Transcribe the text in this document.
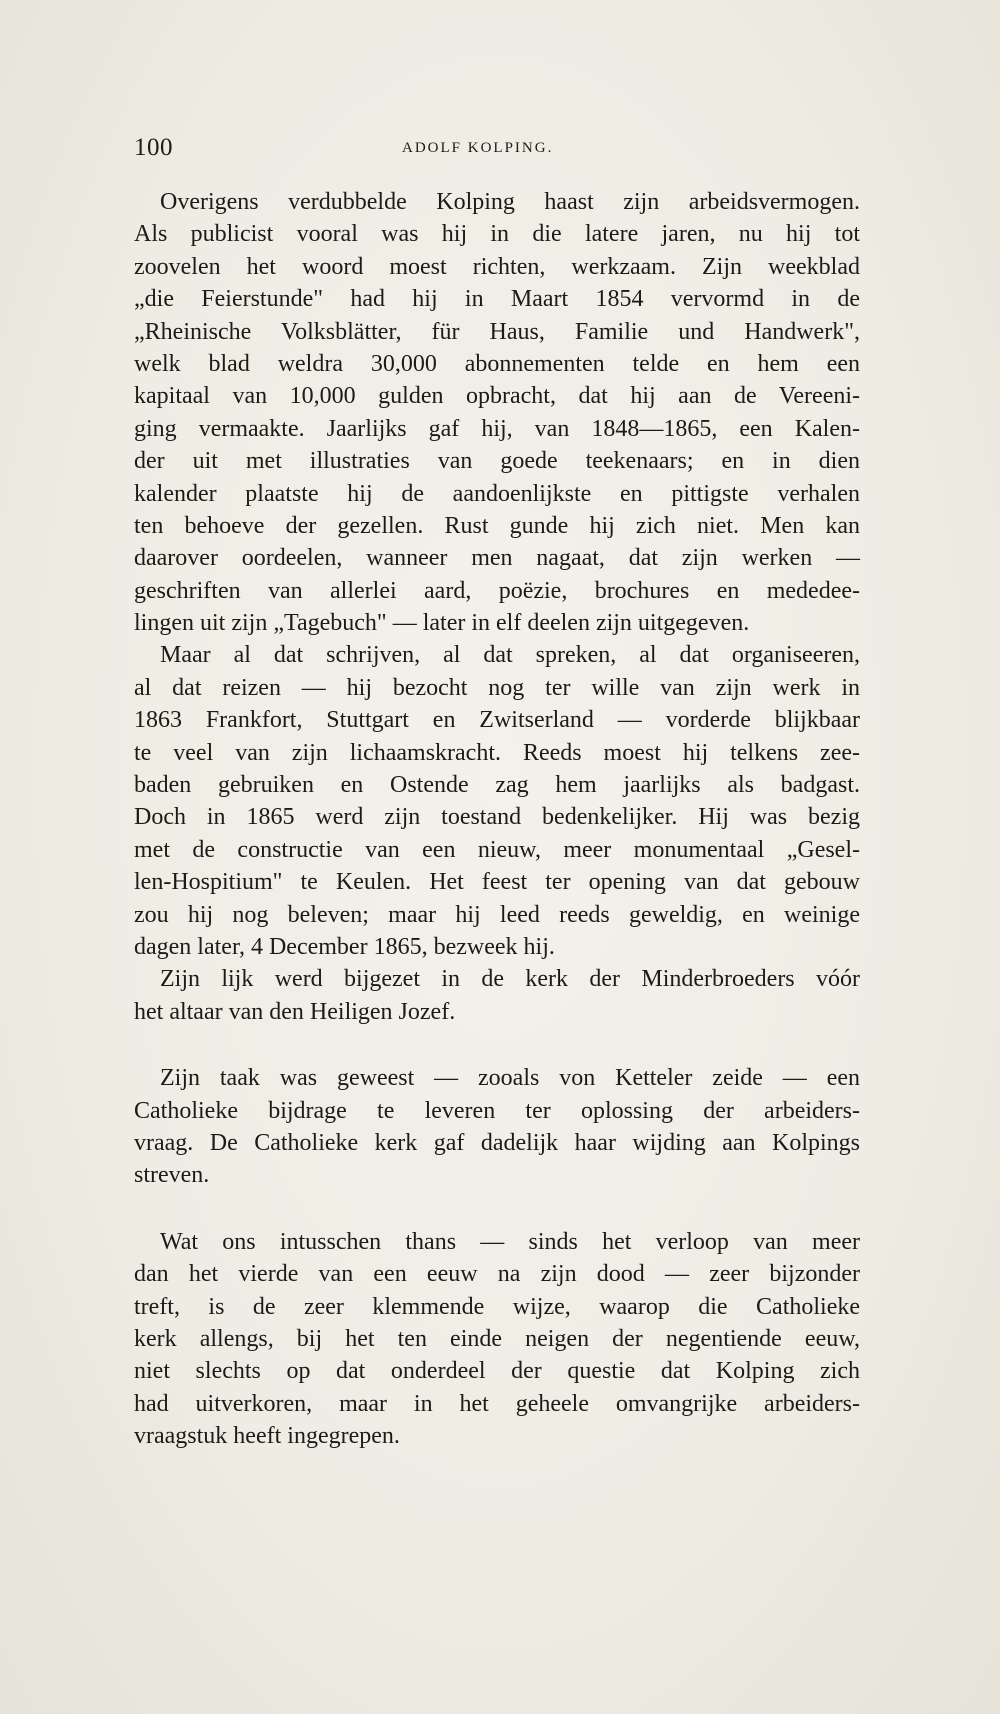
100	ADOLF KOLPING.
Overigens verdubbelde Kolping haast zijn arbeidsvermogen.
Als publicist vooral was hij in die latere jaren, nu hij tot
zoovelen het woord moest richten, werkzaam. Zijn weekblad
„die Feierstunde" had hij in Maart 1854 vervormd in de
„Rheinische Volksblätter, für Haus, Familie und Handwerk",
welk blad weldra 30,000 abonnementen telde en hem een
kapitaal van 10,000 gulden opbracht, dat hij aan de Vereeni-
ging vermaakte. Jaarlijks gaf hij, van 1848—1865, een Kalen-
der uit met illustraties van goede teekenaars; en in dien
kalender plaatste hij de aandoenlijkste en pittigste verhalen
ten behoeve der gezellen. Rust gunde hij zich niet. Men kan
daarover oordeelen, wanneer men nagaat, dat zijn werken —
geschriften van allerlei aard, poëzie, brochures en mededee-
lingen uit zijn „Tagebuch" — later in elf deelen zijn uitgegeven.
Maar al dat schrijven, al dat spreken, al dat organiseeren,
al dat reizen — hij bezocht nog ter wille van zijn werk in
1863 Frankfort, Stuttgart en Zwitserland — vorderde blijkbaar
te veel van zijn lichaamskracht. Reeds moest hij telkens zee-
baden gebruiken en Ostende zag hem jaarlijks als badgast.
Doch in 1865 werd zijn toestand bedenkelijker. Hij was bezig
met de constructie van een nieuw, meer monumentaal „Gesel-
len-Hospitium" te Keulen. Het feest ter opening van dat gebouw
zou hij nog beleven; maar hij leed reeds geweldig, en weinige
dagen later, 4 December 1865, bezweek hij.
Zijn lijk werd bijgezet in de kerk der Minderbroeders vóór
het altaar van den Heiligen Jozef.
Zijn taak was geweest — zooals von Ketteler zeide — een
Catholieke bijdrage te leveren ter oplossing der arbeiders-
vraag. De Catholieke kerk gaf dadelijk haar wijding aan Kolpings
streven.
Wat ons intusschen thans — sinds het verloop van meer
dan het vierde van een eeuw na zijn dood — zeer bijzonder
treft, is de zeer klemmende wijze, waarop die Catholieke
kerk allengs, bij het ten einde neigen der negentiende eeuw,
niet slechts op dat onderdeel der questie dat Kolping zich
had uitverkoren, maar in het geheele omvangrijke arbeiders-
vraagstuk heeft ingegrepen.
